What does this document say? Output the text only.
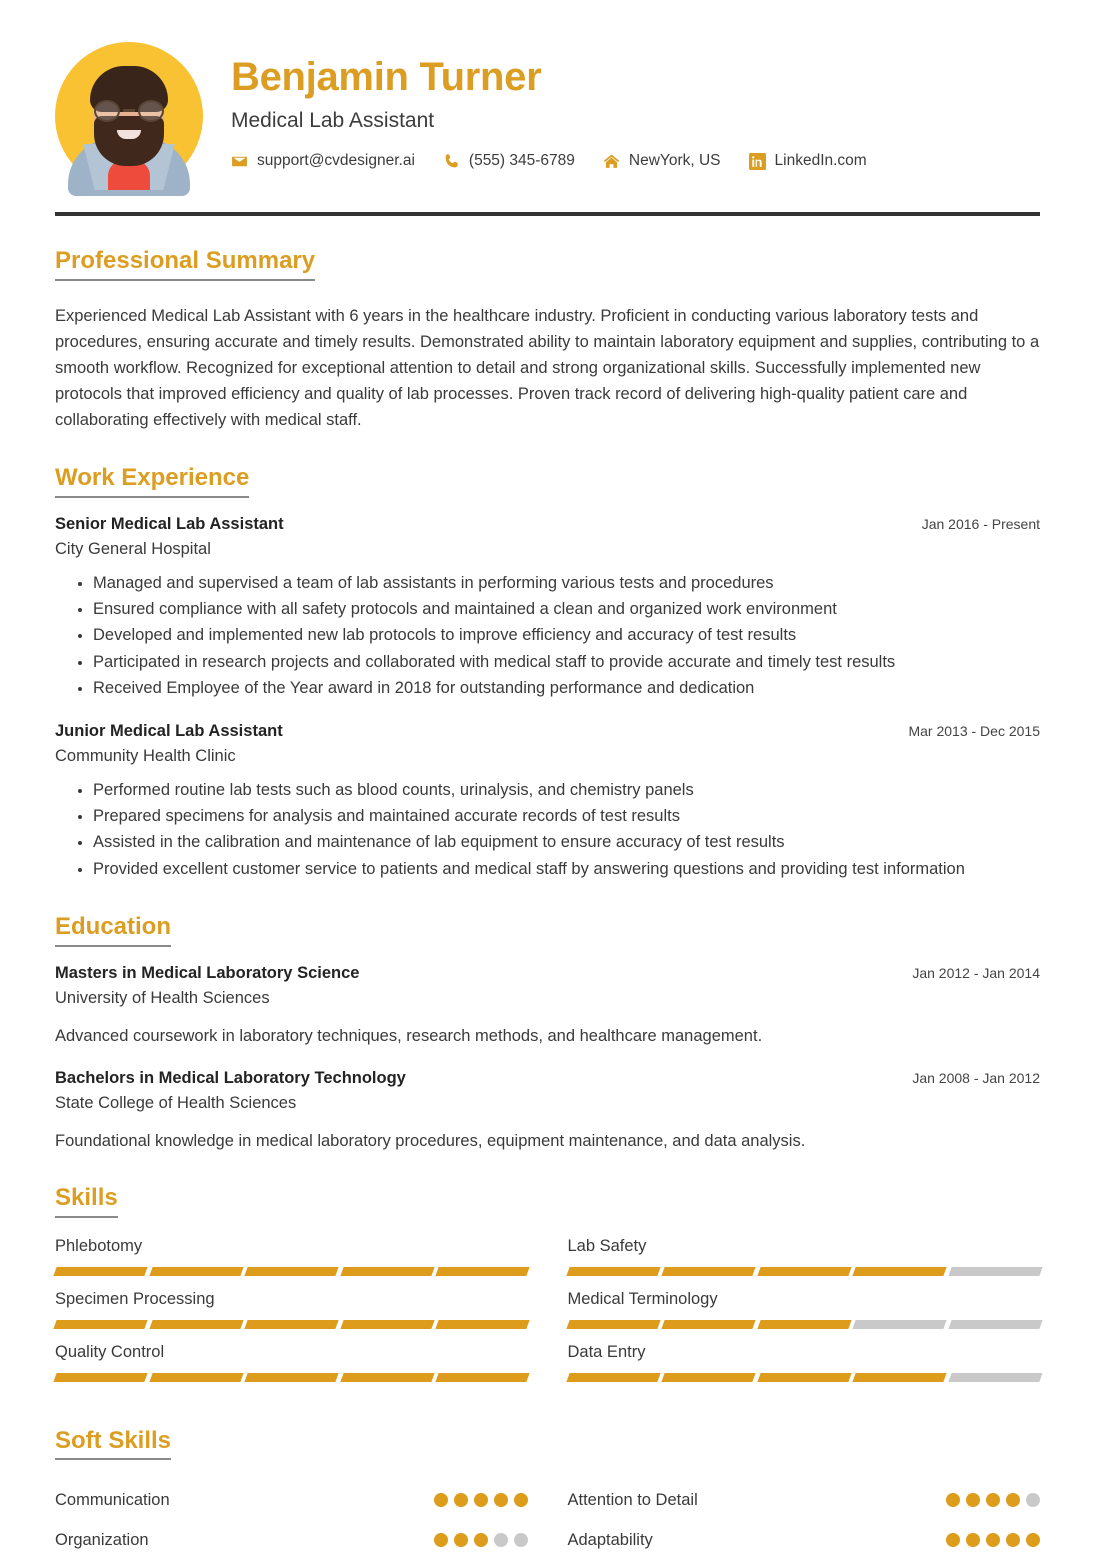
Benjamin Turner
Medical Lab Assistant
support@cvdesigner.ai	(555) 345-6789	NewYork, US	LinkedIn.com
Professional Summary
Experienced Medical Lab Assistant with 6 years in the healthcare industry. Proficient in conducting various laboratory tests and procedures, ensuring accurate and timely results. Demonstrated ability to maintain laboratory equipment and supplies, contributing to a smooth workflow. Recognized for exceptional attention to detail and strong organizational skills. Successfully implemented new protocols that improved efficiency and quality of lab processes. Proven track record of delivering high-quality patient care and collaborating effectively with medical staff.
Work Experience
Senior Medical Lab Assistant	Jan 2016 - Present
City General Hospital
• Managed and supervised a team of lab assistants in performing various tests and procedures
• Ensured compliance with all safety protocols and maintained a clean and organized work environment
• Developed and implemented new lab protocols to improve efficiency and accuracy of test results
• Participated in research projects and collaborated with medical staff to provide accurate and timely test results
• Received Employee of the Year award in 2018 for outstanding performance and dedication
Junior Medical Lab Assistant	Mar 2013 - Dec 2015
Community Health Clinic
• Performed routine lab tests such as blood counts, urinalysis, and chemistry panels
• Prepared specimens for analysis and maintained accurate records of test results
• Assisted in the calibration and maintenance of lab equipment to ensure accuracy of test results
• Provided excellent customer service to patients and medical staff by answering questions and providing test information
Education
Masters in Medical Laboratory Science	Jan 2012 - Jan 2014
University of Health Sciences
Advanced coursework in laboratory techniques, research methods, and healthcare management.
Bachelors in Medical Laboratory Technology	Jan 2008 - Jan 2012
State College of Health Sciences
Foundational knowledge in medical laboratory procedures, equipment maintenance, and data analysis.
Skills
Phlebotomy	Lab Safety
Specimen Processing	Medical Terminology
Quality Control	Data Entry
Soft Skills
Communication	Attention to Detail
Organization	Adaptability
